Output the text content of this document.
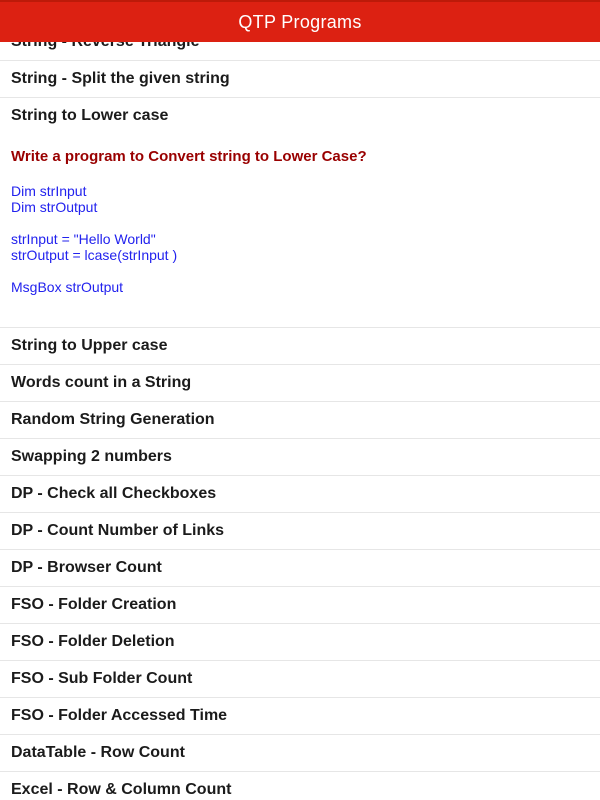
QTP Programs
String - Split the given string
String to Lower case
Write a program to Convert string to Lower Case?
Dim strInput
Dim strOutput
strInput = "Hello World"
strOutput = lcase(strInput )
MsgBox strOutput
String to Upper case
Words count in a String
Random String Generation
Swapping 2 numbers
DP - Check all Checkboxes
DP - Count Number of Links
DP - Browser Count
FSO - Folder Creation
FSO - Folder Deletion
FSO - Sub Folder Count
FSO - Folder Accessed Time
DataTable - Row Count
Excel - Row & Column Count
